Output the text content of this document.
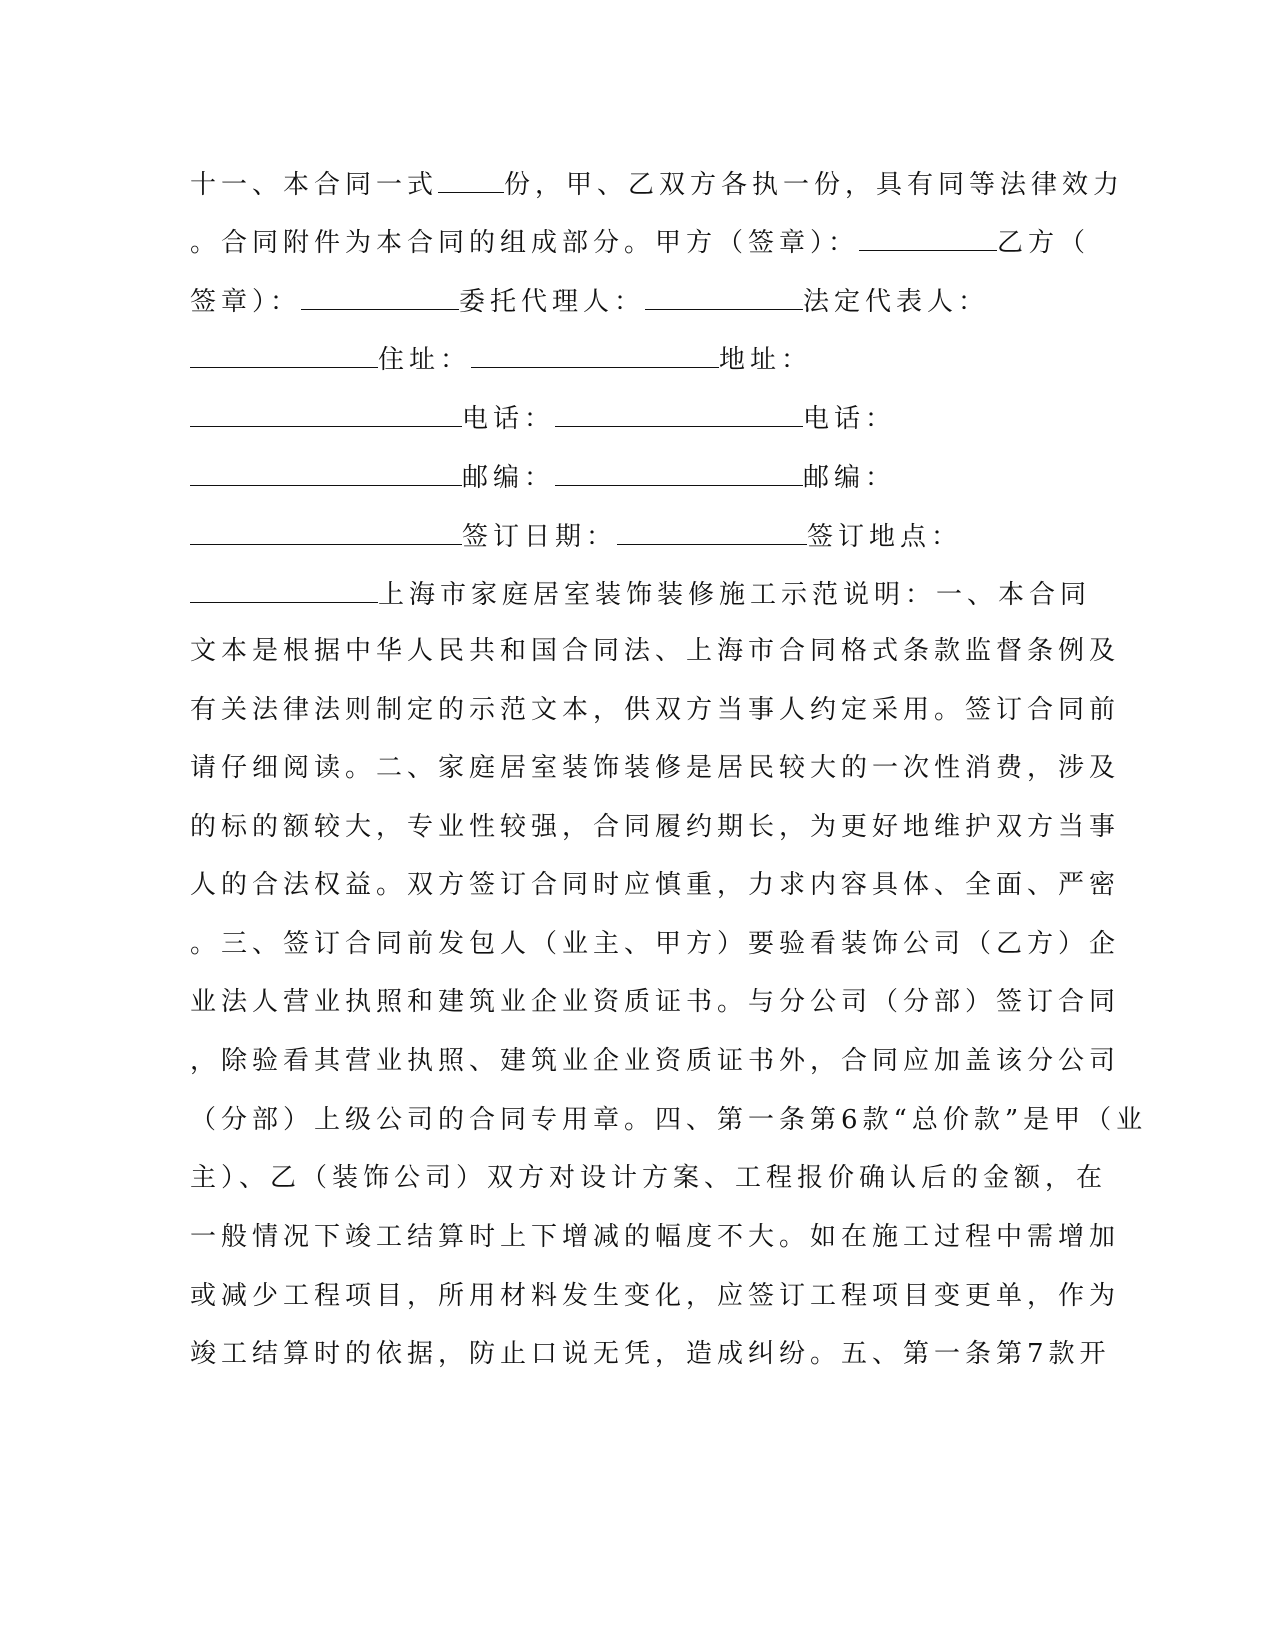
十一、本合同一式	份，甲、乙双方各执一份，具有同等法律效力
。合同附件为本合同的组成部分。甲方（签章）：	乙方（
签章）：	委托代理人：	法定代表人：
住址：	地址：
电话：	电话：
邮编：	邮编：
签订日期：	签订地点：
上海市家庭居室装饰装修施工示范说明：一、本合同
文本是根据中华人民共和国合同法、上海市合同格式条款监督条例及
有关法律法则制定的示范文本，供双方当事人约定采用。签订合同前
请仔细阅读。二、家庭居室装饰装修是居民较大的一次性消费，涉及
的标的额较大，专业性较强，合同履约期长，为更好地维护双方当事
人的合法权益。双方签订合同时应慎重，力求内容具体、全面、严密
。三、签订合同前发包人（业主、甲方）要验看装饰公司（乙方）企
业法人营业执照和建筑业企业资质证书。与分公司（分部）签订合同
，除验看其营业执照、建筑业企业资质证书外，合同应加盖该分公司
（分部）上级公司的合同专用章。四、第一条第6款“总价款”是甲（业
主）、乙（装饰公司）双方对设计方案、工程报价确认后的金额，在
一般情况下竣工结算时上下增减的幅度不大。如在施工过程中需增加
或减少工程项目，所用材料发生变化，应签订工程项目变更单，作为
竣工结算时的依据，防止口说无凭，造成纠纷。五、第一条第7款开
